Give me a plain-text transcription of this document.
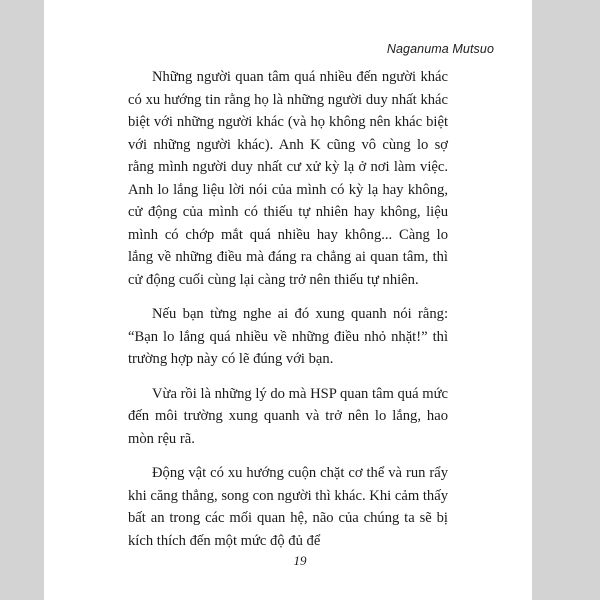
Naganuma Mutsuo

Những người quan tâm quá nhiều đến người khác có xu hướng tin rằng họ là những người duy nhất khác biệt với những người khác (và họ không nên khác biệt với những người khác). Anh K cũng vô cùng lo sợ rằng mình người duy nhất cư xử kỳ lạ ở nơi làm việc. Anh lo lắng liệu lời nói của mình có kỳ lạ hay không, cử động của mình có thiếu tự nhiên hay không, liệu mình có chớp mắt quá nhiều hay không... Càng lo lắng về những điều mà đáng ra chẳng ai quan tâm, thì cử động cuối cùng lại càng trở nên thiếu tự nhiên.

Nếu bạn từng nghe ai đó xung quanh nói rằng: “Bạn lo lắng quá nhiều về những điều nhỏ nhặt!” thì trường hợp này có lẽ đúng với bạn.

Vừa rồi là những lý do mà HSP quan tâm quá mức đến môi trường xung quanh và trở nên lo lắng, hao mòn rệu rã.

Động vật có xu hướng cuộn chặt cơ thể và run rẩy khi căng thẳng, song con người thì khác. Khi cảm thấy bất an trong các mối quan hệ, não của chúng ta sẽ bị kích thích đến một mức độ đủ để

19
